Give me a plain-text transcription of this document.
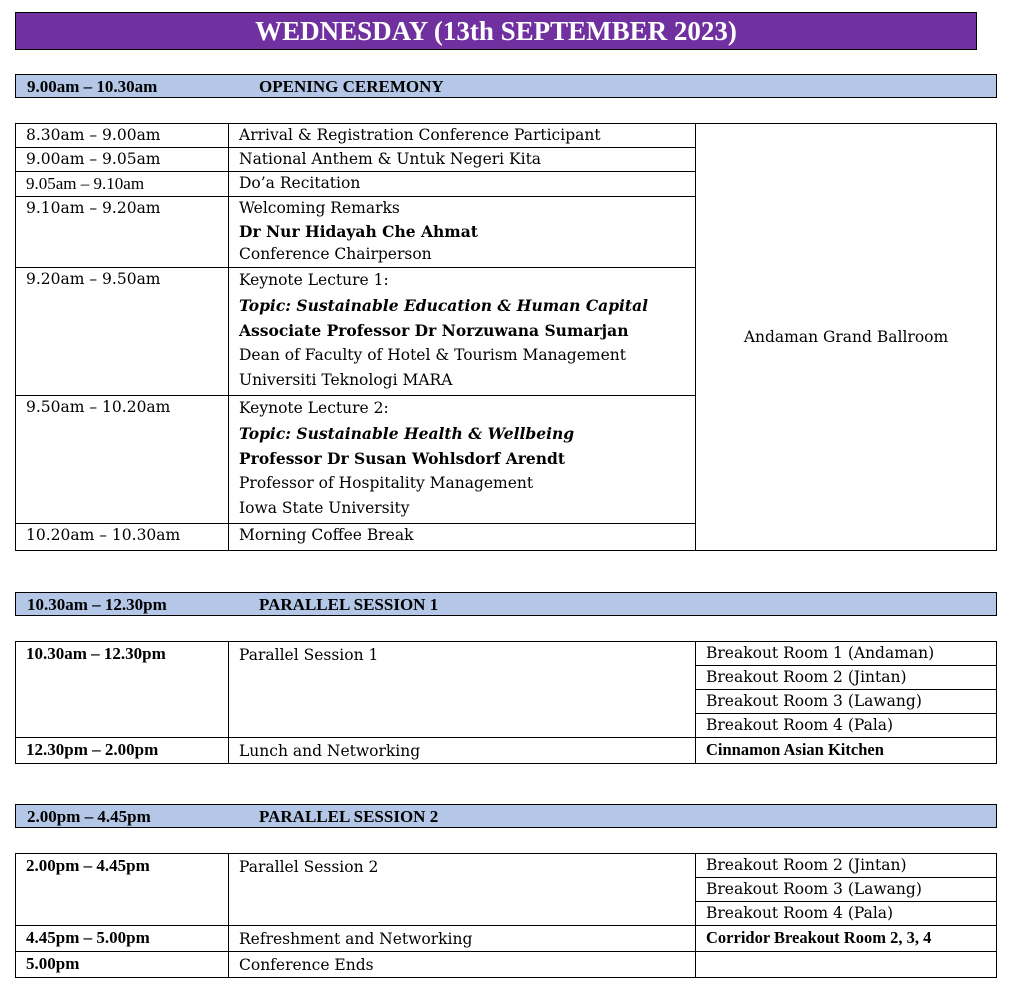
WEDNESDAY (13th SEPTEMBER 2023)
9.00am – 10.30am	OPENING CEREMONY
8.30am – 9.00am	Arrival & Registration Conference Participant	Andaman Grand Ballroom
9.00am – 9.05am	National Anthem & Untuk Negeri Kita	
9.05am – 9.10am	Do’a Recitation	
9.10am – 9.20am	Welcoming Remarks
Dr Nur Hidayah Che Ahmat
Conference Chairperson	

9.20am – 9.50am	Keynote Lecture 1:
Topic: Sustainable Education & Human Capital
Associate Professor Dr Norzuwana Sumarjan
Dean of Faculty of Hotel & Tourism Management
Universiti Teknologi MARA	

9.50am – 10.20am	Keynote Lecture 2:
Topic: Sustainable Health & Wellbeing
Professor Dr Susan Wohlsdorf Arendt
Professor of Hospitality Management
Iowa State University	

10.20am – 10.30am	Morning Coffee Break	
10.30am – 12.30pm	PARALLEL SESSION 1
10.30am – 12.30pm	Parallel Session 1	Breakout Room 1 (Andaman)
		Breakout Room 2 (Jintan)
		Breakout Room 3 (Lawang)
		Breakout Room 4 (Pala)
12.30pm – 2.00pm	Lunch and Networking	Cinnamon Asian Kitchen
2.00pm – 4.45pm	PARALLEL SESSION 2
2.00pm – 4.45pm	Parallel Session 2	Breakout Room 2 (Jintan)
		Breakout Room 3 (Lawang)
		Breakout Room 4 (Pala)
4.45pm – 5.00pm	Refreshment and Networking	Corridor Breakout Room 2, 3, 4
5.00pm	Conference Ends	
